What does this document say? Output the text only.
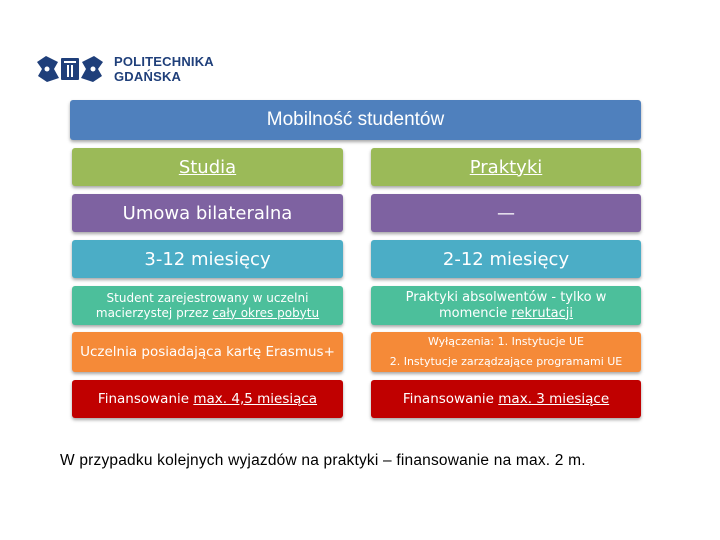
POLITECHNIKA
GDAŃSKA
Mobilność studentów
Studia
Umowa bilateralna
3-12 miesięcy
Student zarejestrowany w uczelni macierzystej przez cały okres pobytu
Uczelnia posiadająca kartę Erasmus+
Finansowanie max. 4,5 miesiąca
Praktyki
—
2-12 miesięcy
Praktyki absolwentów - tylko w momencie rekrutacji
Wyłączenia: 1. Instytucje UE
2. Instytucje zarządzające programami UE
Finansowanie max. 3 miesiące
W przypadku kolejnych wyjazdów na praktyki – finansowanie na max. 2 m.
